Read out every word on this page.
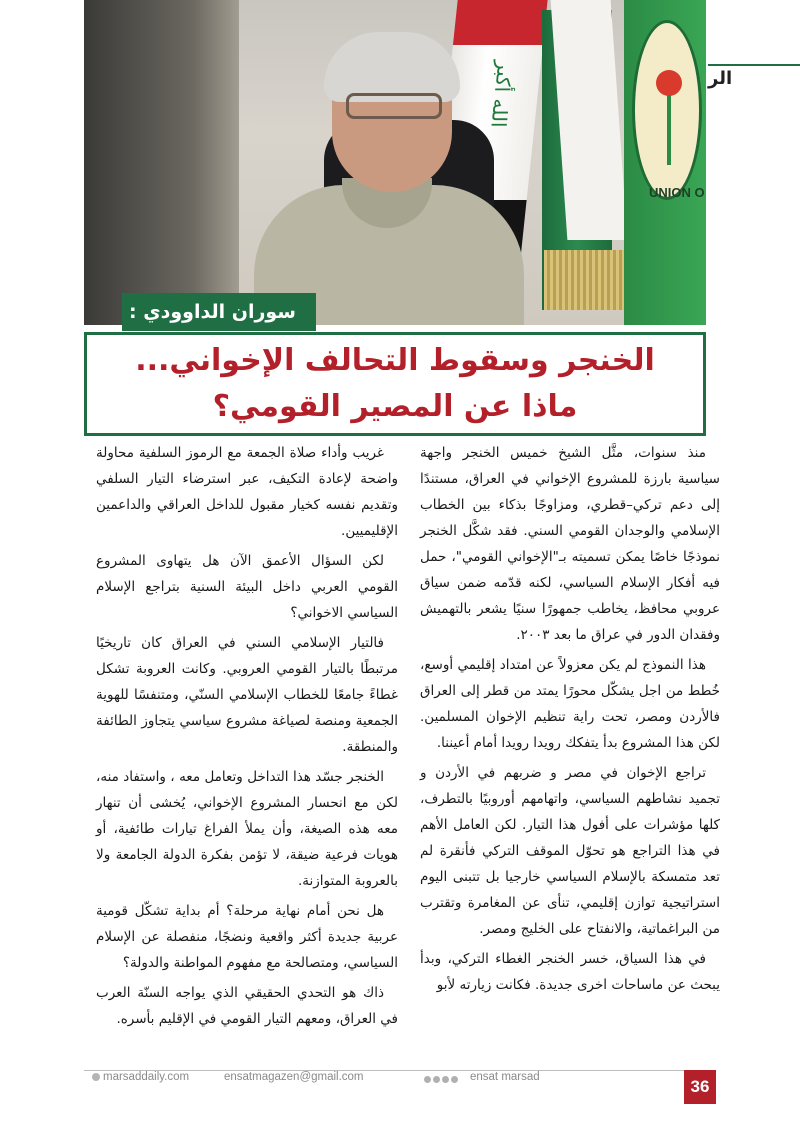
الله أكبر
UNION O
الر
سوران الداوودي :
الخنجر وسقوط التحالف الإخواني...
ماذا عن المصير القومي؟

منذ سنوات، مثَّل الشيخ خميس الخنجر واجهة سياسية بارزة للمشروع الإخواني في العراق، مستندًا إلى دعم تركي–قطري، ومزاوجًا بذكاء بين الخطاب الإسلامي والوجدان القومي السني. فقد شكَّل الخنجر نموذجًا خاصًا يمكن تسميته بـ"الإخواني القومي"، حمل فيه أفكار الإسلام السياسي، لكنه قدّمه ضمن سياق عروبي محافظ، يخاطب جمهورًا سنيًا يشعر بالتهميش وفقدان الدور في عراق ما بعد ٢٠٠٣.

هذا النموذج لم يكن معزولاً عن امتداد إقليمي أوسع، خُطط من اجل يشكّل محورًا يمتد من قطر إلى العراق فالأردن ومصر، تحت راية تنظيم الإخوان المسلمين. لكن هذا المشروع بدأ يتفكك رويدا رويدا أمام أعيننا.

تراجع الإخوان في مصر و ضربهم في الأردن و تجميد نشاطهم السياسي، واتهامهم أوروبيًا بالتطرف، كلها مؤشرات على أفول هذا التيار. لكن العامل الأهم في هذا التراجع هو تحوّل الموقف التركي فأنقرة لم تعد متمسكة بالإسلام السياسي خارجيا بل تتبنى اليوم استراتيجية توازن إقليمي، تنأى عن المغامرة وتقترب من البراغماتية، والانفتاح على الخليج ومصر.

في هذا السياق، خسر الخنجر الغطاء التركي، وبدأ يبحث عن ماساحات اخرى جديدة. فكانت زيارته لأبو

غريب وأداء صلاة الجمعة مع الرموز السلفية محاولة واضحة لإعادة التكيف، عبر استرضاء التيار السلفي وتقديم نفسه كخيار مقبول للداخل العراقي والداعمين الإقليميين.

لكن السؤال الأعمق الآن هل يتهاوى المشروع القومي العربي داخل البيئة السنية بتراجع الإسلام السياسي الاخواني؟

فالتيار الإسلامي السني في العراق كان تاريخيًا مرتبطًا بالتيار القومي العروبي. وكانت العروبة تشكل غطاءً جامعًا للخطاب الإسلامي السنّي، ومتنفسًا للهوية الجمعية ومنصة لصياغة مشروع سياسي يتجاوز الطائفة والمنطقة.

الخنجر جسّد هذا التداخل وتعامل معه ، واستفاد منه، لكن مع انحسار المشروع الإخواني، يُخشى أن تنهار معه هذه الصيغة، وأن يملأ الفراغ تيارات طائفية، أو هويات فرعية ضيقة، لا تؤمن بفكرة الدولة الجامعة ولا بالعروبة المتوازنة.

هل نحن أمام نهاية مرحلة؟ أم بداية تشكّل قومية عربية جديدة أكثر واقعية ونضجًا، منفصلة عن الإسلام السياسي، ومتصالحة مع مفهوم المواطنة والدولة؟

ذاك هو التحدي الحقيقي الذي يواجه السنّة العرب في العراق، ومعهم التيار القومي في الإقليم بأسره.

marsaddaily.com	ensatmagazen@gmail.com	ensat marsad	36
